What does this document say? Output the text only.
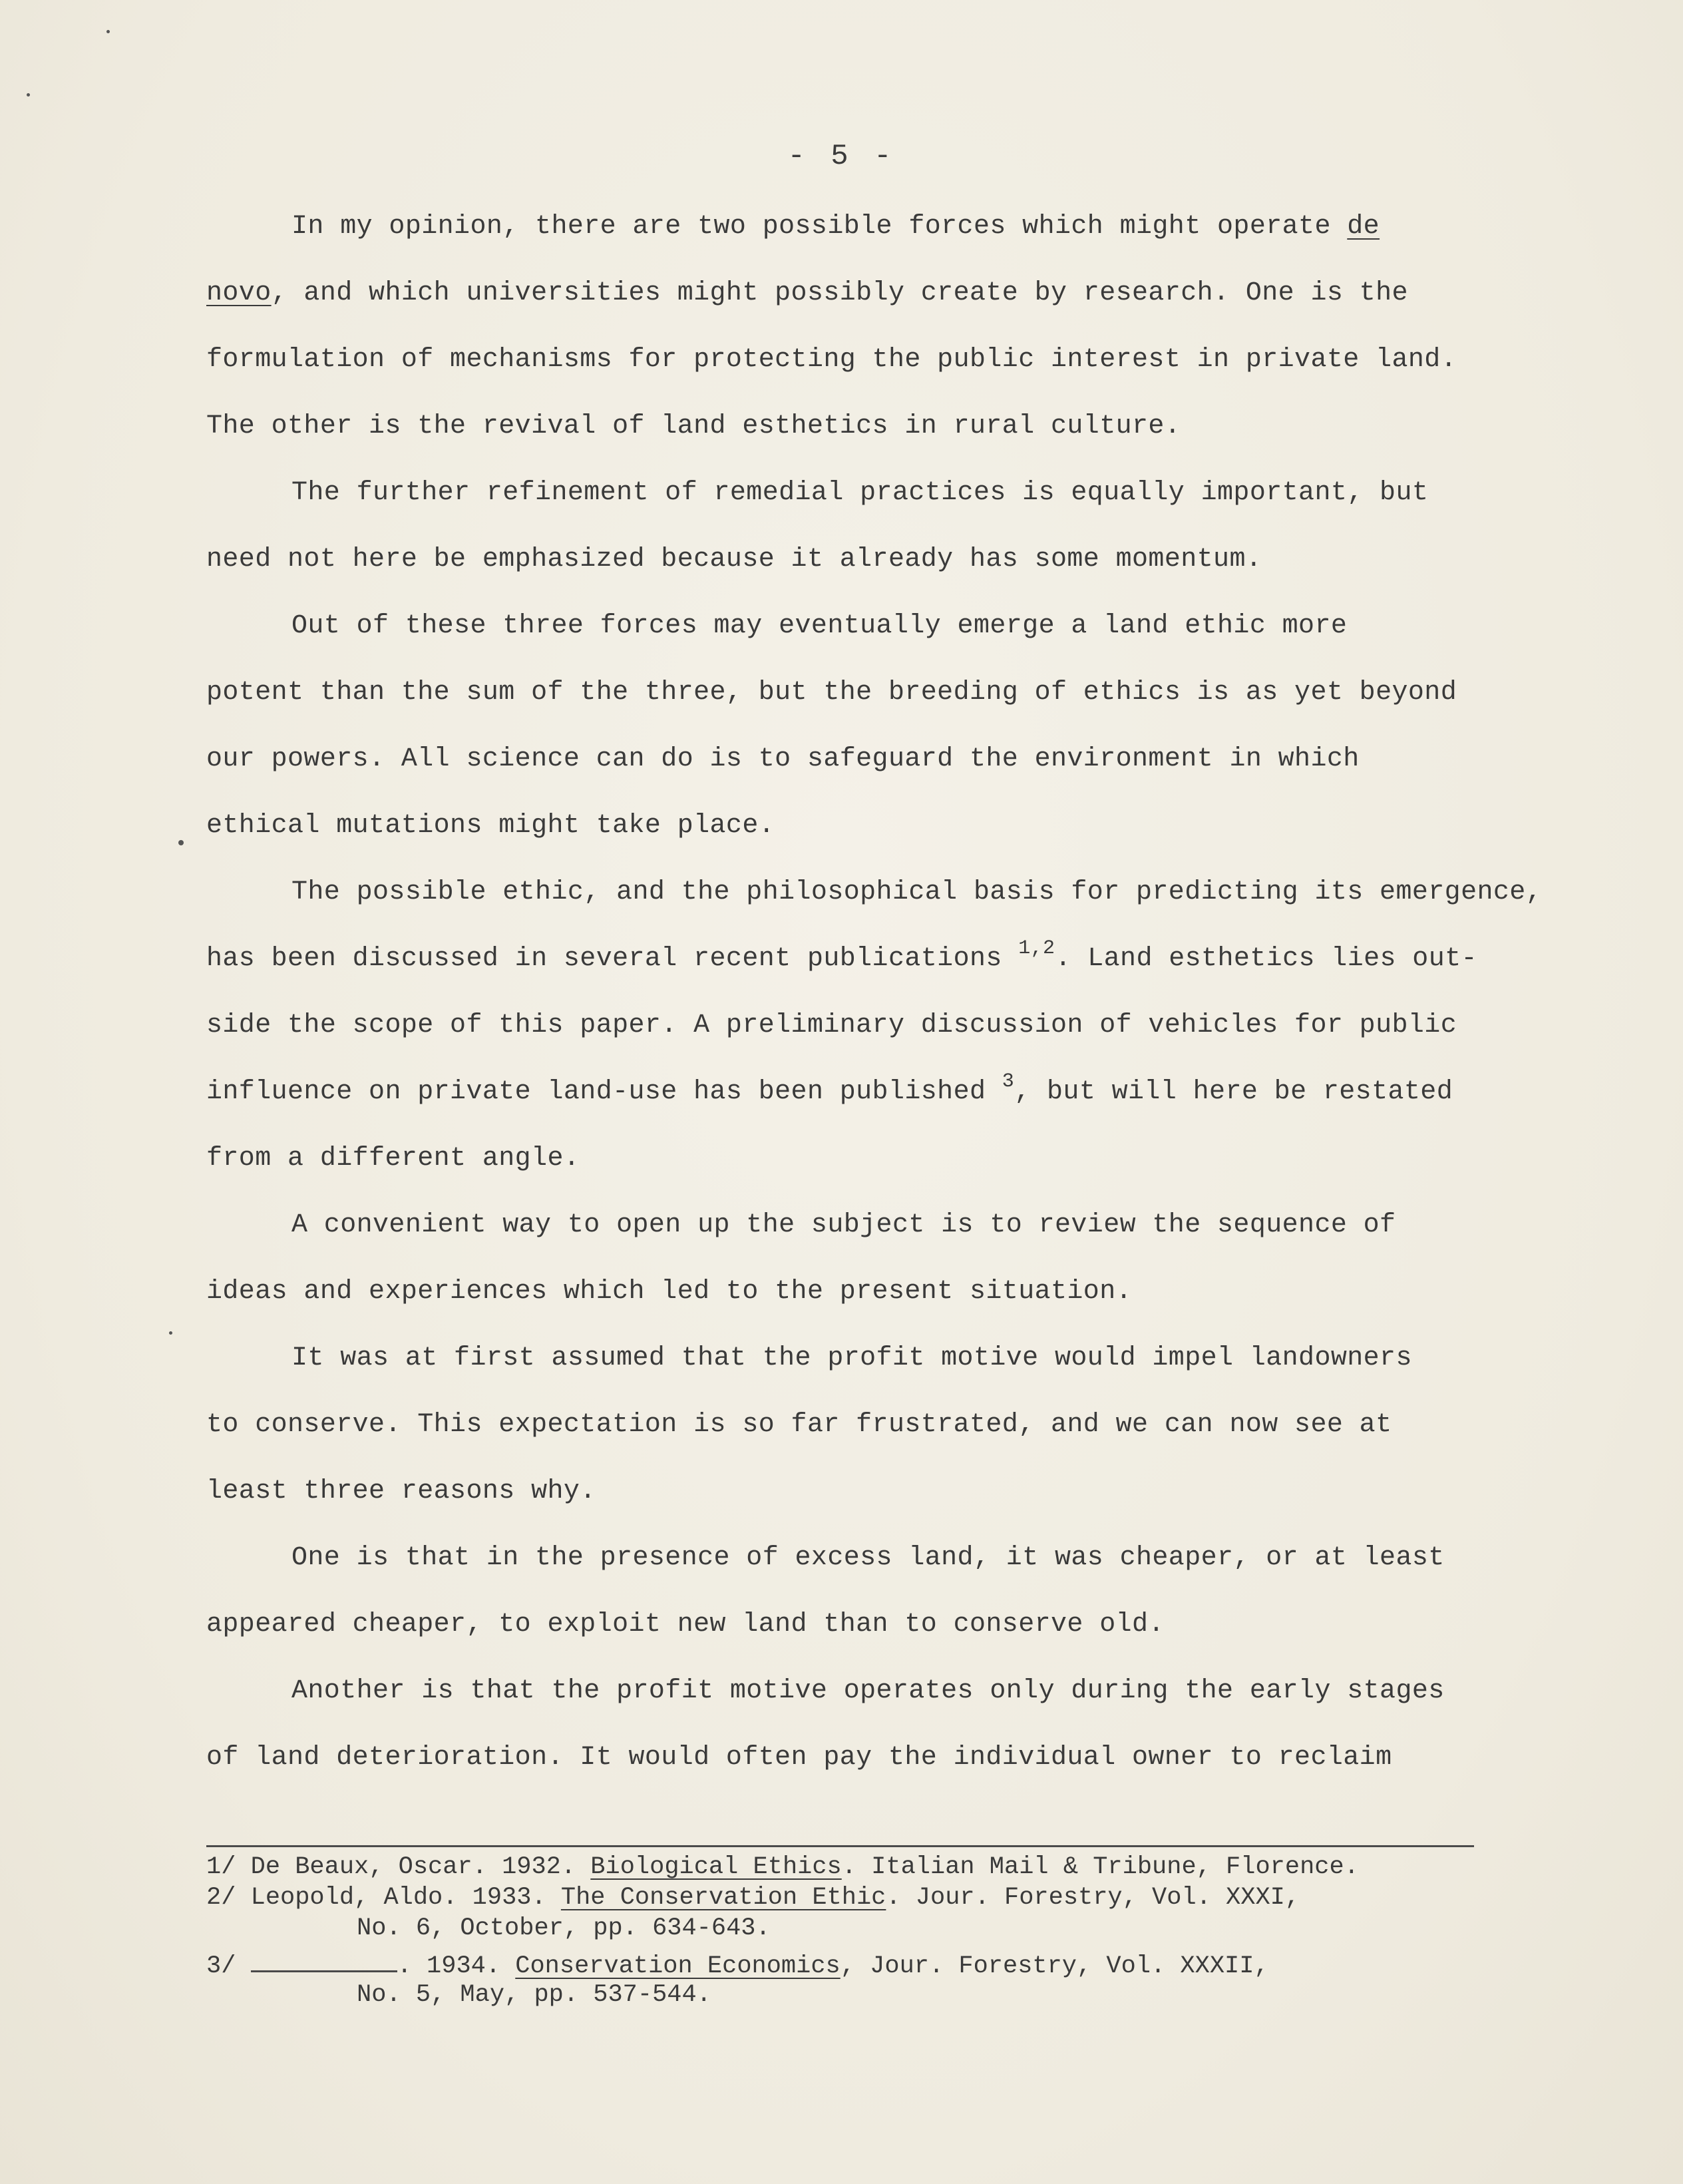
- 5 -
In my opinion, there are two possible forces which might operate de
novo, and which universities might possibly create by research. One is the
formulation of mechanisms for protecting the public interest in private land.
The other is the revival of land esthetics in rural culture.
The further refinement of remedial practices is equally important, but
need not here be emphasized because it already has some momentum.
Out of these three forces may eventually emerge a land ethic more
potent than the sum of the three, but the breeding of ethics is as yet beyond
our powers. All science can do is to safeguard the environment in which
ethical mutations might take place.
The possible ethic, and the philosophical basis for predicting its emergence,
has been discussed in several recent publications $^{1,2}$. Land esthetics lies out-
side the scope of this paper. A preliminary discussion of vehicles for public
influence on private land-use has been published $^3$, but will here be restated
from a different angle.
A convenient way to open up the subject is to review the sequence of
ideas and experiences which led to the present situation.
It was at first assumed that the profit motive would impel landowners
to conserve. This expectation is so far frustrated, and we can now see at
least three reasons why.
One is that in the presence of excess land, it was cheaper, or at least
appeared cheaper, to exploit new land than to conserve old.
Another is that the profit motive operates only during the early stages
of land deterioration. It would often pay the individual owner to reclaim
1/ De Beaux, Oscar. 1932. Biological Ethics. Italian Mail & Tribune, Florence.
2/ Leopold, Aldo. 1933. The Conservation Ethic. Jour. Forestry, Vol. XXXI,
No. 6, October, pp. 634-643.
3/	. 1934. Conservation Economics, Jour. Forestry, Vol. XXXII,
No. 5, May, pp. 537-544.
